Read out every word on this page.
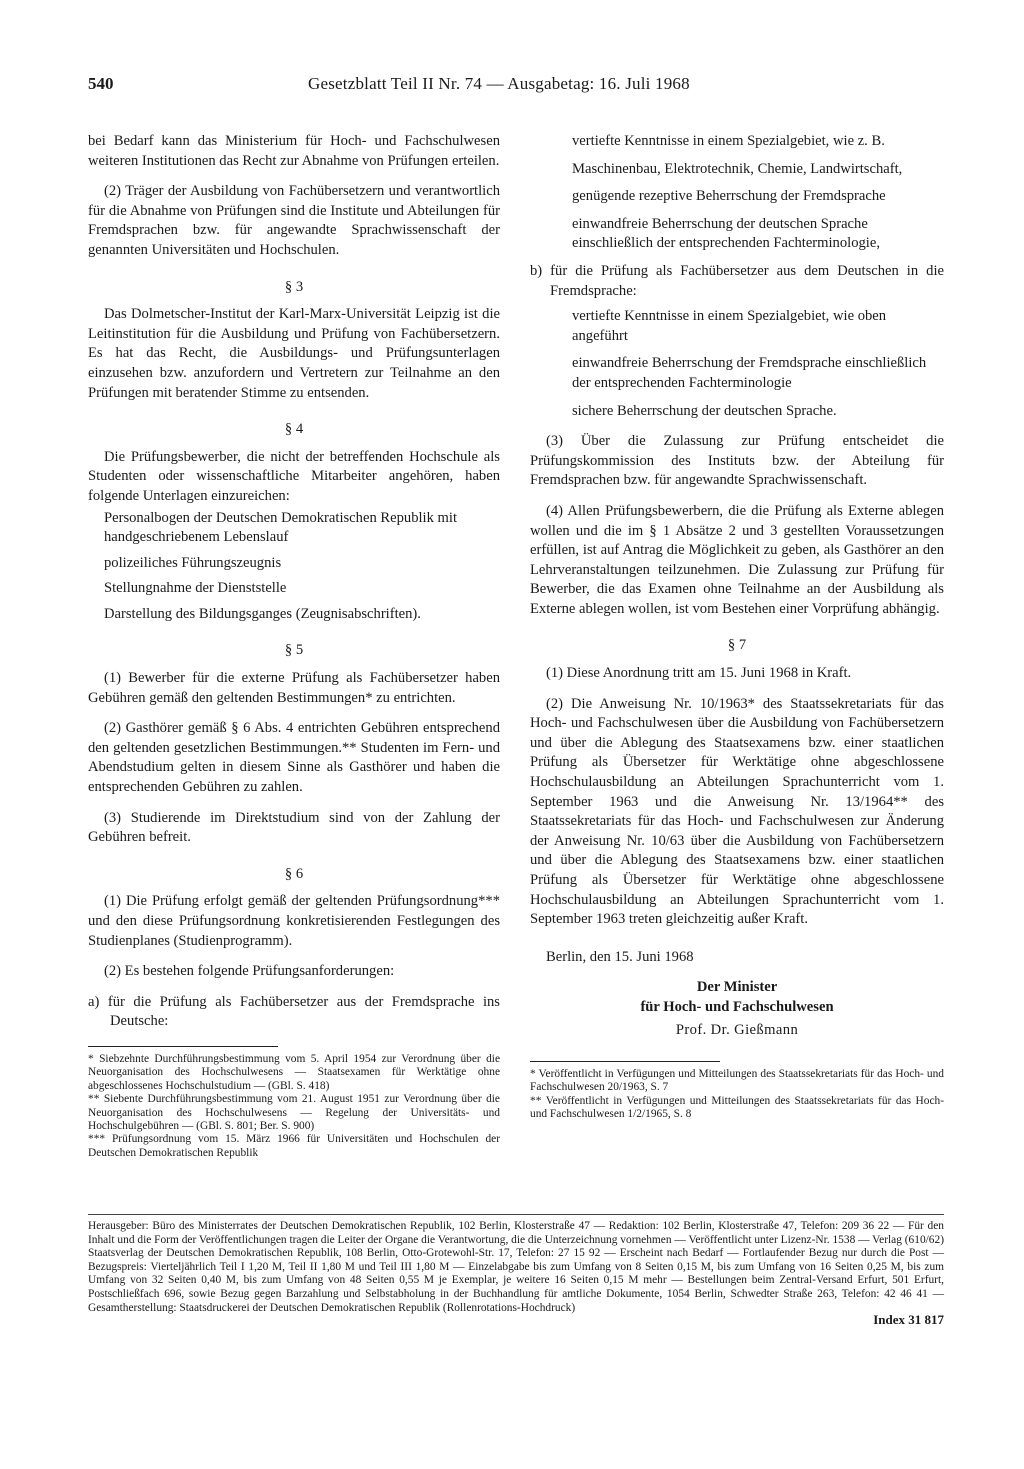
540	Gesetzblatt Teil II Nr. 74 — Ausgabetag: 16. Juli 1968

bei Bedarf kann das Ministerium für Hoch- und Fachschulwesen weiteren Institutionen das Recht zur Abnahme von Prüfungen erteilen.

(2) Träger der Ausbildung von Fachübersetzern und verantwortlich für die Abnahme von Prüfungen sind die Institute und Abteilungen für Fremdsprachen bzw. für angewandte Sprachwissenschaft der genannten Universitäten und Hochschulen.

§ 3

Das Dolmetscher-Institut der Karl-Marx-Universität Leipzig ist die Leitinstitution für die Ausbildung und Prüfung von Fachübersetzern. Es hat das Recht, die Ausbildungs- und Prüfungsunterlagen einzusehen bzw. anzufordern und Vertretern zur Teilnahme an den Prüfungen mit beratender Stimme zu entsenden.

§ 4

Die Prüfungsbewerber, die nicht der betreffenden Hochschule als Studenten oder wissenschaftliche Mitarbeiter angehören, haben folgende Unterlagen einzureichen:

Personalbogen der Deutschen Demokratischen Republik mit handgeschriebenem Lebenslauf
polizeiliches Führungszeugnis
Stellungnahme der Dienststelle
Darstellung des Bildungsganges (Zeugnisabschriften).

§ 5

(1) Bewerber für die externe Prüfung als Fachübersetzer haben Gebühren gemäß den geltenden Bestimmungen* zu entrichten.

(2) Gasthörer gemäß § 6 Abs. 4 entrichten Gebühren entsprechend den geltenden gesetzlichen Bestimmungen.** Studenten im Fern- und Abendstudium gelten in diesem Sinne als Gasthörer und haben die entsprechenden Gebühren zu zahlen.

(3) Studierende im Direktstudium sind von der Zahlung der Gebühren befreit.

§ 6

(1) Die Prüfung erfolgt gemäß der geltenden Prüfungsordnung*** und den diese Prüfungsordnung konkretisierenden Festlegungen des Studienplanes (Studienprogramm).

(2) Es bestehen folgende Prüfungsanforderungen:

a) für die Prüfung als Fachübersetzer aus der Fremdsprache ins Deutsche:

* Siebzehnte Durchführungsbestimmung vom 5. April 1954 zur Verordnung über die Neuorganisation des Hochschulwesens — Staatsexamen für Werktätige ohne abgeschlossenes Hochschulstudium — (GBl. S. 418)

** Siebente Durchführungsbestimmung vom 21. August 1951 zur Verordnung über die Neuorganisation des Hochschulwesens — Regelung der Universitäts- und Hochschulgebühren — (GBl. S. 801; Ber. S. 900)

*** Prüfungsordnung vom 15. März 1966 für Universitäten und Hochschulen der Deutschen Demokratischen Republik

vertiefte Kenntnisse in einem Spezialgebiet, wie z. B.
Maschinenbau, Elektrotechnik, Chemie, Landwirtschaft,
genügende rezeptive Beherrschung der Fremdsprache
einwandfreie Beherrschung der deutschen Sprache einschließlich der entsprechenden Fachterminologie,

b) für die Prüfung als Fachübersetzer aus dem Deutschen in die Fremdsprache:

vertiefte Kenntnisse in einem Spezialgebiet, wie oben angeführt
einwandfreie Beherrschung der Fremdsprache einschließlich der entsprechenden Fachterminologie
sichere Beherrschung der deutschen Sprache.

(3) Über die Zulassung zur Prüfung entscheidet die Prüfungskommission des Instituts bzw. der Abteilung für Fremdsprachen bzw. für angewandte Sprachwissenschaft.

(4) Allen Prüfungsbewerbern, die die Prüfung als Externe ablegen wollen und die im § 1 Absätze 2 und 3 gestellten Voraussetzungen erfüllen, ist auf Antrag die Möglichkeit zu geben, als Gasthörer an den Lehrveranstaltungen teilzunehmen. Die Zulassung zur Prüfung für Bewerber, die das Examen ohne Teilnahme an der Ausbildung als Externe ablegen wollen, ist vom Bestehen einer Vorprüfung abhängig.

§ 7

(1) Diese Anordnung tritt am 15. Juni 1968 in Kraft.

(2) Die Anweisung Nr. 10/1963* des Staatssekretariats für das Hoch- und Fachschulwesen über die Ausbildung von Fachübersetzern und über die Ablegung des Staatsexamens bzw. einer staatlichen Prüfung als Übersetzer für Werktätige ohne abgeschlossene Hochschulausbildung an Abteilungen Sprachunterricht vom 1. September 1963 und die Anweisung Nr. 13/1964** des Staatssekretariats für das Hoch- und Fachschulwesen zur Änderung der Anweisung Nr. 10/63 über die Ausbildung von Fachübersetzern und über die Ablegung des Staatsexamens bzw. einer staatlichen Prüfung als Übersetzer für Werktätige ohne abgeschlossene Hochschulausbildung an Abteilungen Sprachunterricht vom 1. September 1963 treten gleichzeitig außer Kraft.

Berlin, den 15. Juni 1968

Der Minister
für Hoch- und Fachschulwesen

Prof. Dr. Gießmann

* Veröffentlicht in Verfügungen und Mitteilungen des Staatssekretariats für das Hoch- und Fachschulwesen 20/1963, S. 7

** Veröffentlicht in Verfügungen und Mitteilungen des Staatssekretariats für das Hoch- und Fachschulwesen 1/2/1965, S. 8

Herausgeber: Büro des Ministerrates der Deutschen Demokratischen Republik, 102 Berlin, Klosterstraße 47 — Redaktion: 102 Berlin, Klosterstraße 47, Telefon: 209 36 22 — Für den Inhalt und die Form der Veröffentlichungen tragen die Leiter der Organe die Verantwortung, die die Unterzeichnung vornehmen — Veröffentlicht unter Lizenz-Nr. 1538 — Verlag (610/62) Staatsverlag der Deutschen Demokratischen Republik, 108 Berlin, Otto-Grotewohl-Str. 17, Telefon: 27 15 92 — Erscheint nach Bedarf — Fortlaufender Bezug nur durch die Post — Bezugspreis: Vierteljährlich Teil I 1,20 M, Teil II 1,80 M und Teil III 1,80 M — Einzelabgabe bis zum Umfang von 8 Seiten 0,15 M, bis zum Umfang von 16 Seiten 0,25 M, bis zum Umfang von 32 Seiten 0,40 M, bis zum Umfang von 48 Seiten 0,55 M je Exemplar, je weitere 16 Seiten 0,15 M mehr — Bestellungen beim Zentral-Versand Erfurt, 501 Erfurt, Postschließfach 696, sowie Bezug gegen Barzahlung und Selbstabholung in der Buchhandlung für amtliche Dokumente, 1054 Berlin, Schwedter Straße 263, Telefon: 42 46 41 — Gesamtherstellung: Staatsdruckerei der Deutschen Demokratischen Republik (Rollenrotations-Hochdruck)
Index 31 817
